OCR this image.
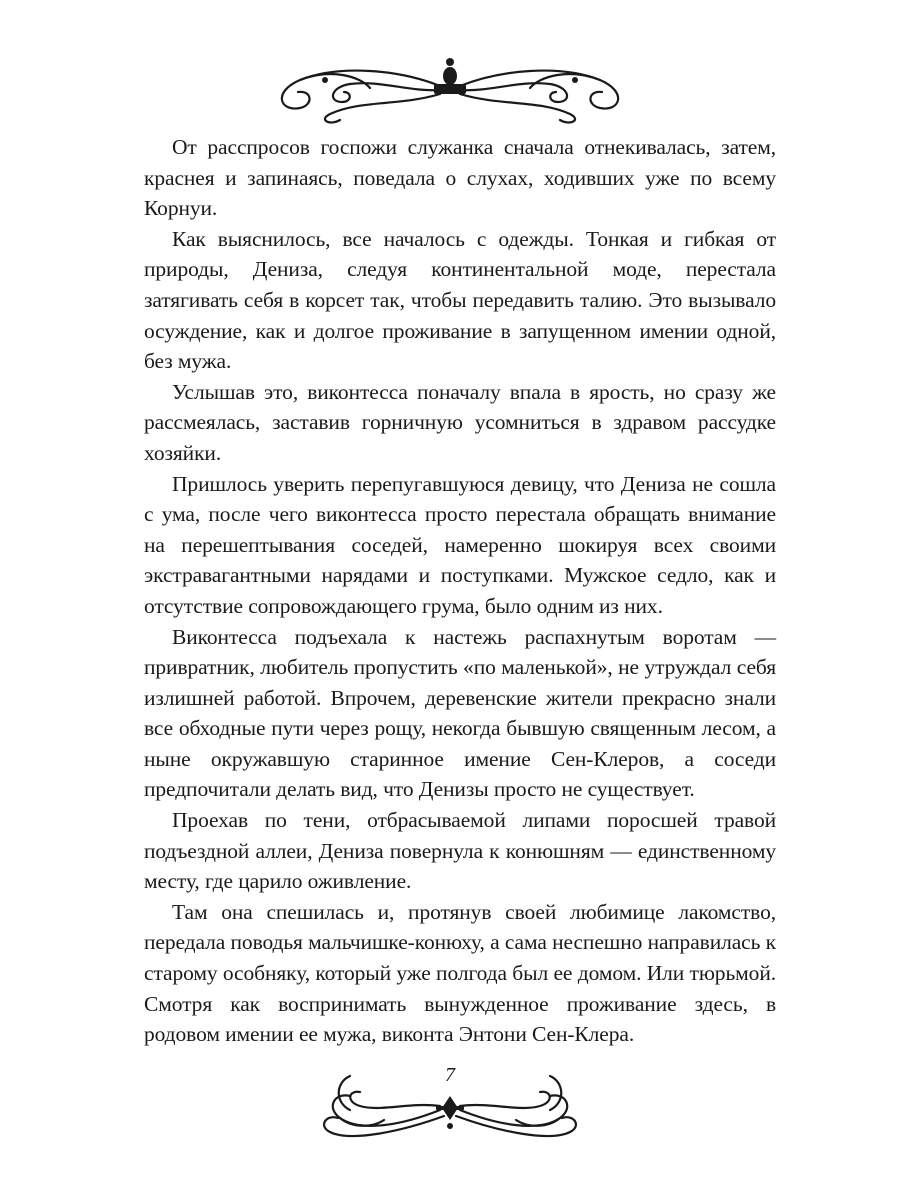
От расспросов госпожи служанка сначала отнекивалась, затем, краснея и запинаясь, поведала о слухах, ходивших уже по всему Корнуи.

Как выяснилось, все началось с одежды. Тонкая и гибкая от природы, Дениза, следуя континентальной моде, перестала затягивать себя в корсет так, чтобы передавить талию. Это вызывало осуждение, как и долгое проживание в запущенном имении одной, без мужа.

Услышав это, виконтесса поначалу впала в ярость, но сразу же рассмеялась, заставив горничную усомниться в здравом рассудке хозяйки.

Пришлось уверить перепугавшуюся девицу, что Дениза не сошла с ума, после чего виконтесса просто перестала обращать внимание на перешептывания соседей, намеренно шокируя всех своими экстравагантными нарядами и поступками. Мужское седло, как и отсутствие сопровождающего грума, было одним из них.

Виконтесса подъехала к настежь распахнутым воротам — привратник, любитель пропустить «по маленькой», не утруждал себя излишней работой. Впрочем, деревенские жители прекрасно знали все обходные пути через рощу, некогда бывшую священным лесом, а ныне окружавшую старинное имение Сен-Клеров, а соседи предпочитали делать вид, что Денизы просто не существует.

Проехав по тени, отбрасываемой липами поросшей травой подъездной аллеи, Дениза повернула к конюшням — единственному месту, где царило оживление.

Там она спешилась и, протянув своей любимице лакомство, передала поводья мальчишке-конюху, а сама неспешно направилась к старому особняку, который уже полгода был ее домом. Или тюрьмой. Смотря как воспринимать вынужденное проживание здесь, в родовом имении ее мужа, виконта Энтони Сен-Клера.

7
